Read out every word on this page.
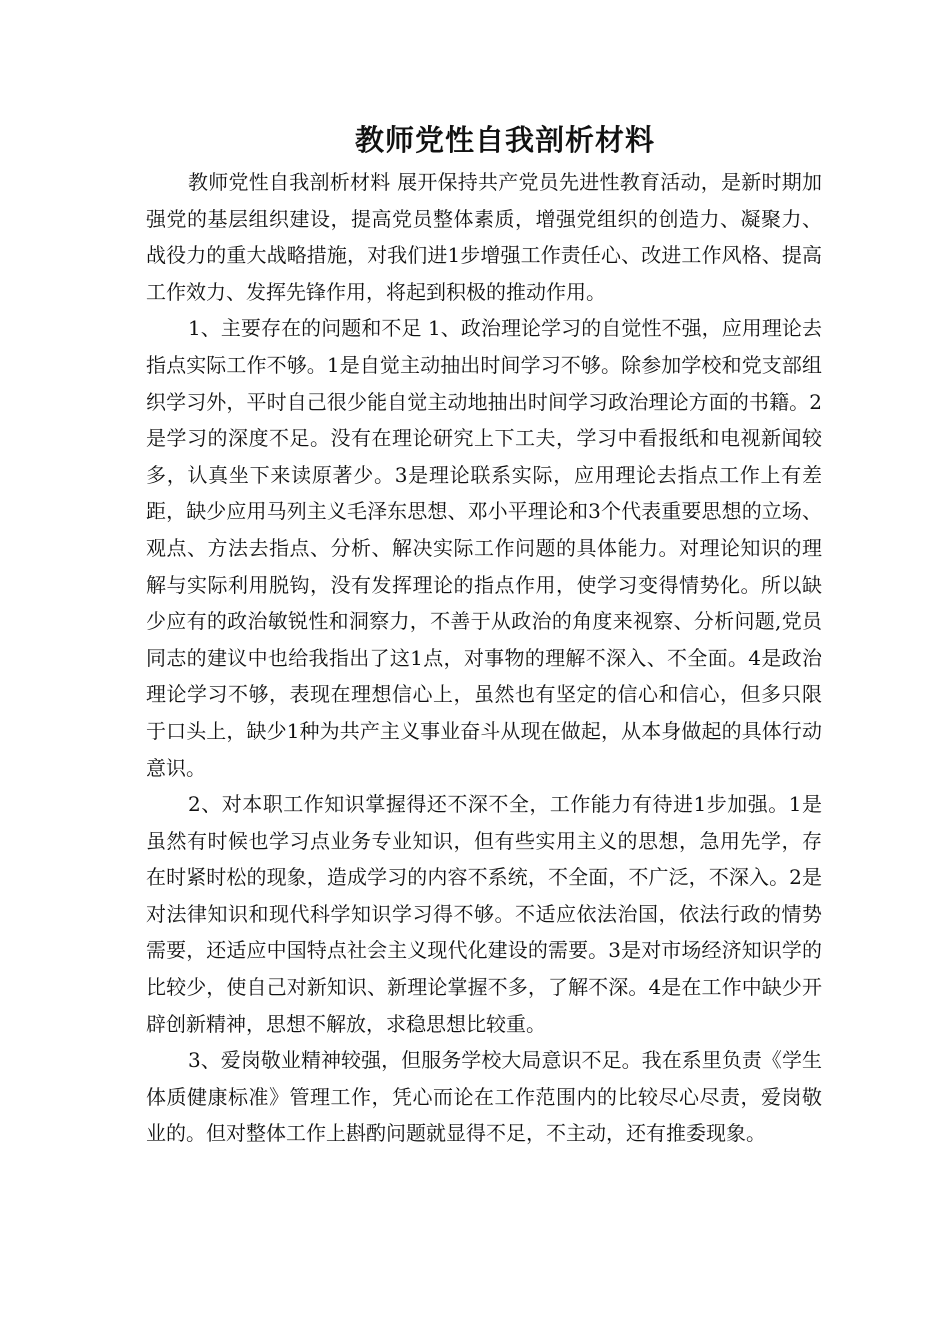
教师党性自我剖析材料

教师党性自我剖析材料 展开保持共产党员先进性教育活动，是新时期加强党的基层组织建设，提高党员整体素质，增强党组织的创造力、凝聚力、战役力的重大战略措施，对我们进1步增强工作责任心、改进工作风格、提高工作效力、发挥先锋作用，将起到积极的推动作用。

1、主要存在的问题和不足 1、政治理论学习的自觉性不强，应用理论去指点实际工作不够。1是自觉主动抽出时间学习不够。除参加学校和党支部组织学习外，平时自己很少能自觉主动地抽出时间学习政治理论方面的书籍。2是学习的深度不足。没有在理论研究上下工夫，学习中看报纸和电视新闻较多，认真坐下来读原著少。3是理论联系实际，应用理论去指点工作上有差距，缺少应用马列主义毛泽东思想、邓小平理论和3个代表重要思想的立场、观点、方法去指点、分析、解决实际工作问题的具体能力。对理论知识的理解与实际利用脱钩，没有发挥理论的指点作用，使学习变得情势化。所以缺少应有的政治敏锐性和洞察力，不善于从政治的角度来视察、分析问题,党员同志的建议中也给我指出了这1点，对事物的理解不深入、不全面。4是政治理论学习不够，表现在理想信心上，虽然也有坚定的信心和信心，但多只限于口头上，缺少1种为共产主义事业奋斗从现在做起，从本身做起的具体行动意识。

2、对本职工作知识掌握得还不深不全，工作能力有待进1步加强。1是虽然有时候也学习点业务专业知识，但有些实用主义的思想，急用先学，存在时紧时松的现象，造成学习的内容不系统，不全面，不广泛，不深入。2是对法律知识和现代科学知识学习得不够。不适应依法治国，依法行政的情势需要，还适应中国特点社会主义现代化建设的需要。3是对市场经济知识学的比较少，使自己对新知识、新理论掌握不多，了解不深。4是在工作中缺少开辟创新精神，思想不解放，求稳思想比较重。

3、爱岗敬业精神较强，但服务学校大局意识不足。我在系里负责《学生体质健康标准》管理工作，凭心而论在工作范围内的比较尽心尽责，爱岗敬业的。但对整体工作上斟酌问题就显得不足，不主动，还有推委现象。
